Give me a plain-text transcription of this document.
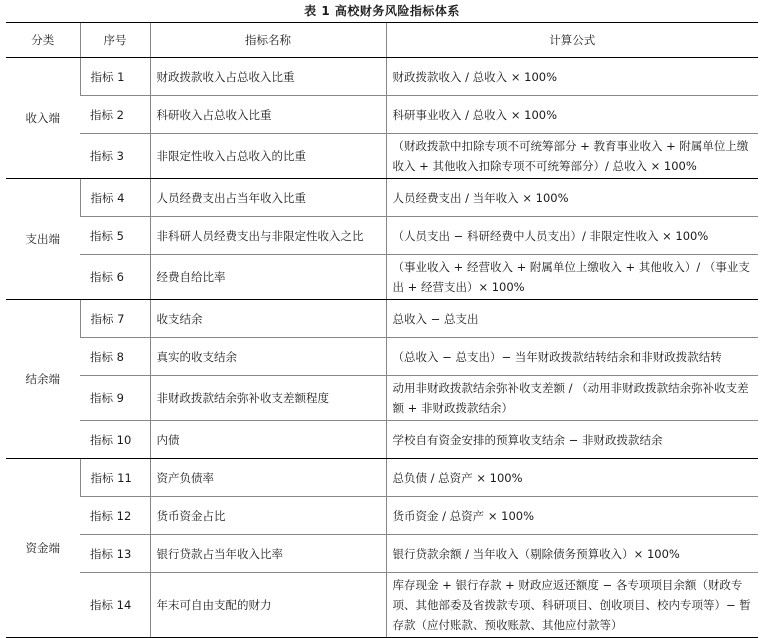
表 1 高校财务风险指标体系
分类	序号	指标名称	计算公式
收入端	指标 1	财政拨款收入占总收入比重	财政拨款收入 / 总收入 × 100%
	指标 2	科研收入占总收入比重	科研事业收入 / 总收入 × 100%
	指标 3	非限定性收入占总收入的比重	（财政拨款中扣除专项不可统筹部分 + 教育事业收入 + 附属单位上缴收入 + 其他收入扣除专项不可统筹部分）/ 总收入 × 100%
支出端	指标 4	人员经费支出占当年收入比重	人员经费支出 / 当年收入 × 100%
	指标 5	非科研人员经费支出与非限定性收入之比	（人员支出 − 科研经费中人员支出）/ 非限定性收入 × 100%
	指标 6	经费自给比率	（事业收入 + 经营收入 + 附属单位上缴收入 + 其他收入）/ （事业支出 + 经营支出）× 100%
结余端	指标 7	收支结余	总收入 − 总支出
	指标 8	真实的收支结余	（总收入 − 总支出）− 当年财政拨款结转结余和非财政拨款结转
	指标 9	非财政拨款结余弥补收支差额程度	动用非财政拨款结余弥补收支差额 / （动用非财政拨款结余弥补收支差额 + 非财政拨款结余）
	指标 10	内债	学校自有资金安排的预算收支结余 − 非财政拨款结余
资金端	指标 11	资产负债率	总负债 / 总资产 × 100%
	指标 12	货币资金占比	货币资金 / 总资产 × 100%
	指标 13	银行贷款占当年收入比率	银行贷款余额 / 当年收入（剔除债务预算收入）× 100%
	指标 14	年末可自由支配的财力	库存现金 + 银行存款 + 财政应返还额度 − 各专项项目余额（财政专项、其他部委及省拨款专项、科研项目、创收项目、校内专项等）− 暂存款（应付账款、预收账款、其他应付款等）
